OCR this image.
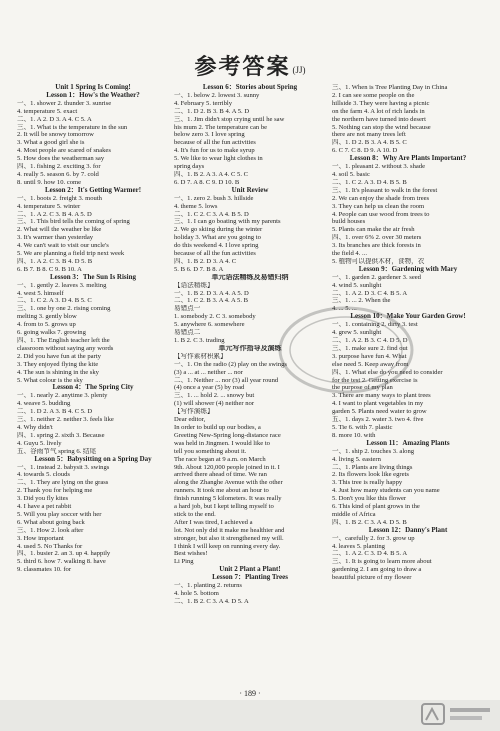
参考答案 (JJ)
Unit 1 Spring Is Coming!
Lesson 1：How's the Weather?
一、1. shower 2. thunder 3. sunrise
4. temperature 5. exact
二、1. A 2. D 3. A 4. C 5. A
三、1. What is the temperature in the sun
2. It will be snowy tomorrow
3. What a good girl she is
4. Most people are scared of snakes
5. How does the weatherman say
四、1. fishing 2. exciting 3. for
4. really 5. season 6. by 7. cold
8. until 9. how 10. come
Lesson 2：It's Getting Warmer!
一、1. boots 2. freight 3. mouth
4. temperature 5. winter
二、1. A 2. C 3. B 4. A 5. D
三、1. This bird tells the coming of spring
2. What will the weather be like
3. It's warmer than yesterday
4. We can't wait to visit our uncle's
5. We are planning a field trip next week
四、1. A 2. C 3. B 4. D 5. B
6. B 7. B 8. C 9. B 10. A
Lesson 3：The Sun Is Rising
一、1. gently 2. leaves 3. melting
4. west 5. himself
二、1. C 2. A 3. D 4. B 5. C
三、1. one by one 2. rising coming
melting 3. gently blow
4. from to 5. grows up
6. going walks 7. growing
四、1. The English teacher left the
classroom without saying any words
2. Did you have fun at the party
3. They enjoyed flying the kite
4. The sun is shining in the sky
5. What colour is the sky
Lesson 4：The Spring City
一、1. nearly 2. anytime 3. plenty
4. weave 5. budding
二、1. D 2. A 3. B 4. C 5. D
三、1. neither 2. neither 3. feels like
4. Why didn't
四、1. spring 2. sixth 3. Because
4. Guyu 5. lively
五、谷雨节气 spring 6. 结尾
Lesson 5：Babysitting on a Spring Day
一、1. instead 2. babysit 3. swings
4. towards 5. clouds
二、1. They are lying on the grass
2. Thank you for helping me
3. Did you fly kites
4. I have a pet rabbit
5. Will you play soccer with her
6. What about going back
三、1. How 2. look after
3. How important
4. used 5. No Thanks for
四、1. busier 2. an 3. up 4. happily
5. third 6. how 7. walking 8. have
9. classmates 10. for
Lesson 6：Stories about Spring
一、1. below 2. lowest 3. sunny
4. February 5. terribly
二、1. D 2. B 3. B 4. A 5. D
三、1. Jim didn't stop crying until he saw
his mum 2. The temperature can be
below zero 3. I love spring
because of all the fun activities
4. It's fun for us to make syrup
5. We like to wear light clothes in
spring days
四、1. B 2. A 3. A 4. C 5. C
6. D 7. A 8. C 9. D 10. B
Unit Review
一、1. zero 2. bush 3. hillside
4. theme 5. lows
二、1. C 2. C 3. A 4. B 5. D
三、1. I can go boating with my parents
2. We go skiing during the winter
holiday 3. What are you going to
do this weekend 4. I love spring
because of all the fun activities
四、1. B 2. D 3. A 4. C
5. B 6. D 7. B 8. A
单元语法精练及易错归纳
【语法精练】
一、1. B 2. D 3. A 4. A 5. D
二、1. C 2. B 3. A 4. A 5. B
易错点一
1. somebody 2. C 3. somebody
5. anywhere 6. somewhere
易错点二
1. B 2. C 3. trading
单元写作指导及演练
【写作素材积累】
一、1. On the radio (2) play on the swings
(3) a ... at ... neither ... nor
二、1. Neither ... nor (3) all year round
(4) once a year (5) by road
三、1. ... hold 2. ... snowy but
(1) will shower (4) neither nor
【写作演练】
Dear editor,
In order to build up our bodies, a
Greeting New-Spring long-distance race
was held in Jingmen. I would like to
tell you something about it.
The race began at 9 a.m. on March
9th. About 120,000 people joined in it. I
arrived there ahead of time. We ran
along the Zhanghe Avenue with the other
runners. It took me about an hour to
finish running 5 kilometers. It was really
a hard job, but I kept telling myself to
stick to the end.
After I was tired, I achieved a
lot. Not only did it make me healthier and
stronger, but also it strengthened my will.
I think I will keep on running every day.
Best wishes!
Li Ping
Unit 2 Plant a Plant!
Lesson 7：Planting Trees
一、1. planting 2. returns
4. hole 5. bottom
二、1. B 2. C 3. A 4. D 5. A
三、1. When is Tree Planting Day in China
2. I can see some people on the
hillside 3. They were having a picnic
on the farm 4. A lot of rich lands in
the northern have turned into desert
5. Nothing can stop the wind because
there are not many trees left
四、1. D 2. B 3. A 4. B 5. C
6. C 7. C 8. D 9. A 10. D
Lesson 8：Why Are Plants Important?
一、1. pleasant 2. without 3. shade
4. soil 5. basic
二、1. C 2. A 3. D 4. B 5. B
三、1. It's pleasant to walk in the forest
2. We can enjoy the shade from trees
3. They can help us clean the room
4. People can use wood from trees to
build houses
5. Plants can make the air fresh
四、1. over 6% 2. over 30 meters
3. Its branches are thick forests in
the field 4. ...
5. 植物可以提供木材，食物，衣
Lesson 9：Gardening with Mary
一、1. garden 2. gardener 3. seed
4. wind 5. sunlight
二、1. A 2. D 3. C 4. B 5. A
三、1. ... 2. When the
4. ... 5. ...
Lesson 10：Make Your Garden Grow!
一、1. containing 2. dirty 3. test
4. grew 5. sunlight
二、1. A 2. B 3. C 4. D 5. D
三、1. make sure 2. find out
3. purpose have fun 4. What
else need 5. Keep away from
四、1. What else do you need to consider
for the test 2. Getting exercise is
the purpose of my plan
3. There are many ways to plant trees
4. I want to plant vegetables in my
garden 5. Plants need water to grow
五、1. days 2. water 3. two 4. five
5. Tie 6. with 7. plastic
8. more 10. with
Lesson 11：Amazing Plants
一、1. ship 2. touches 3. along
4. living 5. eastern
二、1. Plants are living things
2. Its flowers look like egrets
3. This tree is really happy
4. Just how many students can you name
5. Don't you like this flower
6. This kind of plant grows in the
middle of Africa
四、1. B 2. C 3. A 4. D 5. B
Lesson 12：Danny's Plant
一、carefully 2. for 3. grow up
4. leaves 5. planting
二、1. A 2. C 3. D 4. B 5. A
三、1. It is going to learn more about
gardening 2. I am going to draw a
beautiful picture of my flower
· 189 ·
